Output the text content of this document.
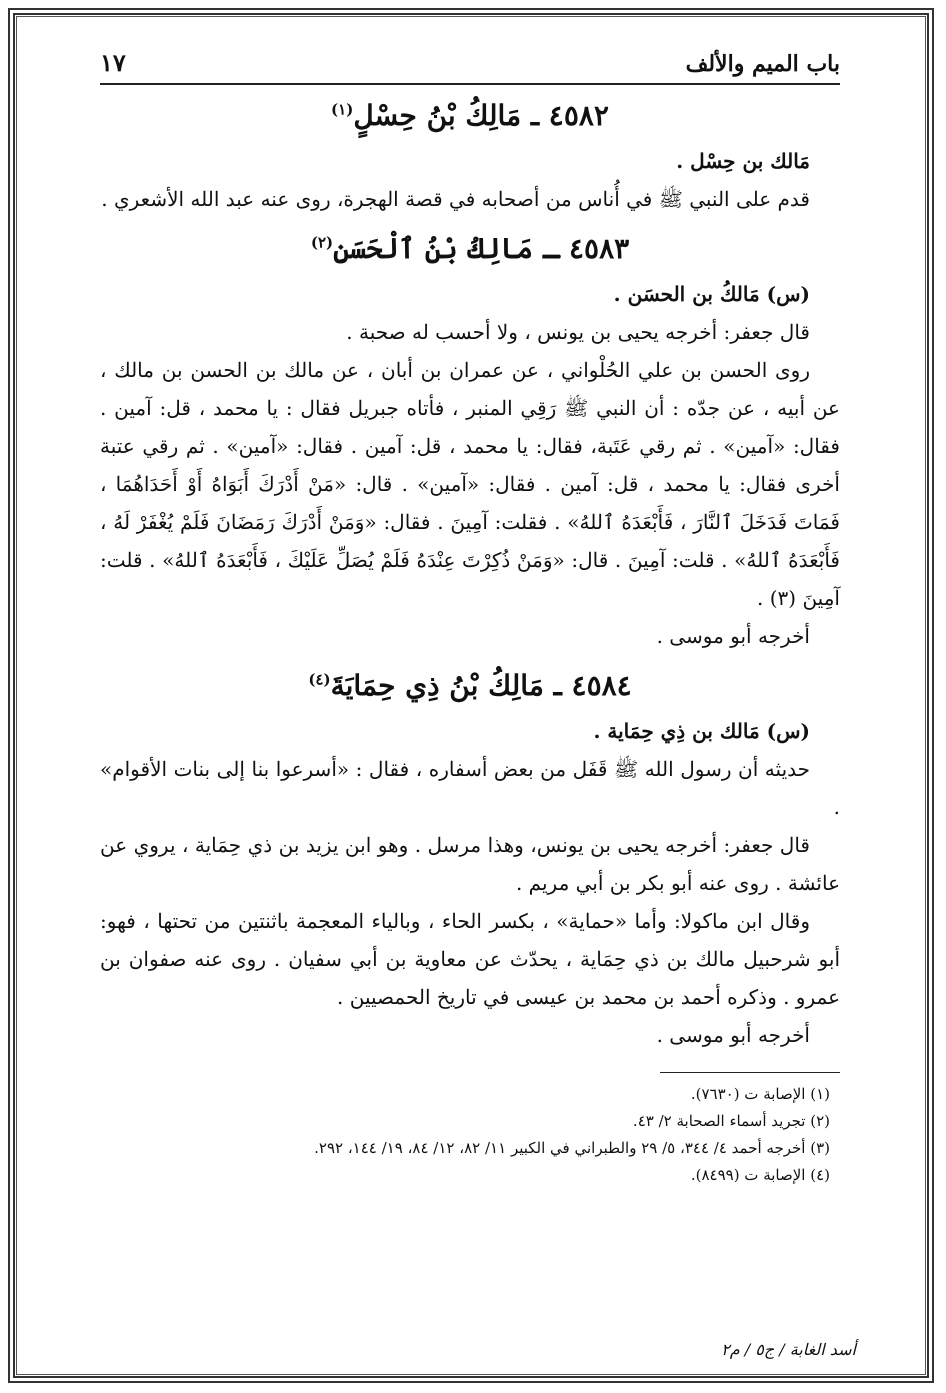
باب الميم والألف
١٧
٤٥٨٢ ـ مَالِكُ بْنُ حِسْلٍ$^{(١)}$

مَالك بن حِسْل .

قدم على النبي ﷺ في أُناس من أصحابه في قصة الهجرة، روى عنه عبد الله الأشعري .

٤٥٨٣ ـ مَالِكُ بْنُ ٱلْحَسَنِ$^{(٢)}$

(س) مَالكُ بن الحسَن .

قال جعفر: أخرجه يحيى بن يونس ، ولا أحسب له صحبة .

روى الحسن بن علي الحُلْواني ، عن عمران بن أبان ، عن مالك بن الحسن بن مالك ، عن أبيه ، عن جدّه : أن النبي ﷺ رَقِي المنبر ، فأتاه جبريل فقال : يا محمد ، قل: آمين . فقال: «آمين» . ثم رقي عَتَبة، فقال: يا محمد ، قل: آمين . فقال: «آمين» . ثم رقي عتبة أخرى فقال: يا محمد ، قل: آمين . فقال: «آمين» . قال: «مَنْ أَدْرَكَ أَبَوَاهُ أَوْ أَحَدَاهُمَا ، فَمَاتَ فَدَخَلَ ٱلنَّارَ ، فَأَبْعَدَهُ ٱللهُ» . فقلت: آمِينَ . فقال: «وَمَنْ أَدْرَكَ رَمَضَانَ فَلَمْ يُغْفَرْ لَهُ ، فَأَبْعَدَهُ ٱللهُ» . قلت: آمِينَ . قال: «وَمَنْ ذُكِرْتَ عِنْدَهُ فَلَمْ يُصَلِّ عَلَيْكَ ، فَأَبْعَدَهُ ٱللهُ» . قلت: آمِينَ (٣) .

أخرجه أبو موسى .

٤٥٨٤ ـ مَالِكُ بْنُ ذِي حِمَايَةَ$^{(٤)}$

(س) مَالك بن ذِي حِمَاية .

حديثه أن رسول الله ﷺ قَفَل من بعض أسفاره ، فقال : «أسرعوا بنا إلى بنات الأقوام» .

قال جعفر: أخرجه يحيى بن يونس، وهذا مرسل . وهو ابن يزيد بن ذي حِمَاية ، يروي عن عائشة . روى عنه أبو بكر بن أبي مريم .

وقال ابن ماكولا: وأما «حماية» ، بكسر الحاء ، وبالياء المعجمة باثنتين من تحتها ، فهو: أبو شرحبيل مالك بن ذي حِمَاية ، يحدّث عن معاوية بن أبي سفيان . روى عنه صفوان بن عمرو . وذكره أحمد بن محمد بن عيسى في تاريخ الحمصيين .

أخرجه أبو موسى .

(١) الإصابة ت (٧٦٣٠).
(٢) تجريد أسماء الصحابة ٢/ ٤٣.
(٣) أخرجه أحمد ٤/ ٣٤٤، ٥/ ٢٩ والطبراني في الكبير ١١/ ٨٢، ١٢/ ٨٤، ١٩/ ١٤٤، ٢٩٢.
(٤) الإصابة ت (٨٤٩٩).
أسد الغابة / ج٥ / م٢
